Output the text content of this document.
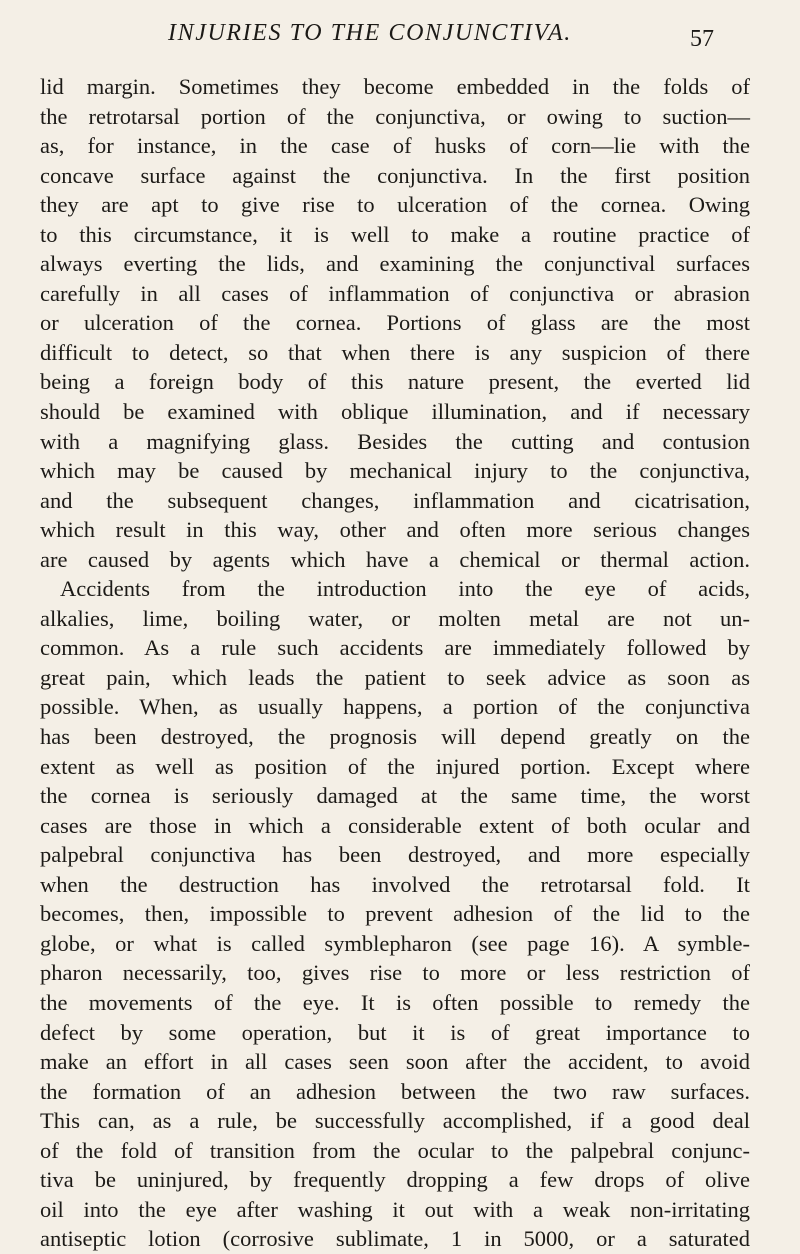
INJURIES TO THE CONJUNCTIVA.	57
lid margin. Sometimes they become embedded in the folds of
the retrotarsal portion of the conjunctiva, or owing to suction—
as, for instance, in the case of husks of corn—lie with the
concave surface against the conjunctiva. In the first position
they are apt to give rise to ulceration of the cornea. Owing
to this circumstance, it is well to make a routine practice of
always everting the lids, and examining the conjunctival surfaces
carefully in all cases of inflammation of conjunctiva or abrasion
or ulceration of the cornea. Portions of glass are the most
difficult to detect, so that when there is any suspicion of there
being a foreign body of this nature present, the everted lid
should be examined with oblique illumination, and if necessary
with a magnifying glass. Besides the cutting and contusion
which may be caused by mechanical injury to the conjunctiva,
and the subsequent changes, inflammation and cicatrisation,
which result in this way, other and often more serious changes
are caused by agents which have a chemical or thermal action.
Accidents from the introduction into the eye of acids,
alkalies, lime, boiling water, or molten metal are not un-
common. As a rule such accidents are immediately followed by
great pain, which leads the patient to seek advice as soon as
possible. When, as usually happens, a portion of the conjunctiva
has been destroyed, the prognosis will depend greatly on the
extent as well as position of the injured portion. Except where
the cornea is seriously damaged at the same time, the worst
cases are those in which a considerable extent of both ocular and
palpebral conjunctiva has been destroyed, and more especially
when the destruction has involved the retrotarsal fold. It
becomes, then, impossible to prevent adhesion of the lid to the
globe, or what is called symblepharon (see page 16). A symble-
pharon necessarily, too, gives rise to more or less restriction of
the movements of the eye. It is often possible to remedy the
defect by some operation, but it is of great importance to
make an effort in all cases seen soon after the accident, to avoid
the formation of an adhesion between the two raw surfaces.
This can, as a rule, be successfully accomplished, if a good deal
of the fold of transition from the ocular to the palpebral conjunc-
tiva be uninjured, by frequently dropping a few drops of olive
oil into the eye after washing it out with a weak non-irritating
antiseptic lotion (corrosive sublimate, 1 in 5000, or a saturated
